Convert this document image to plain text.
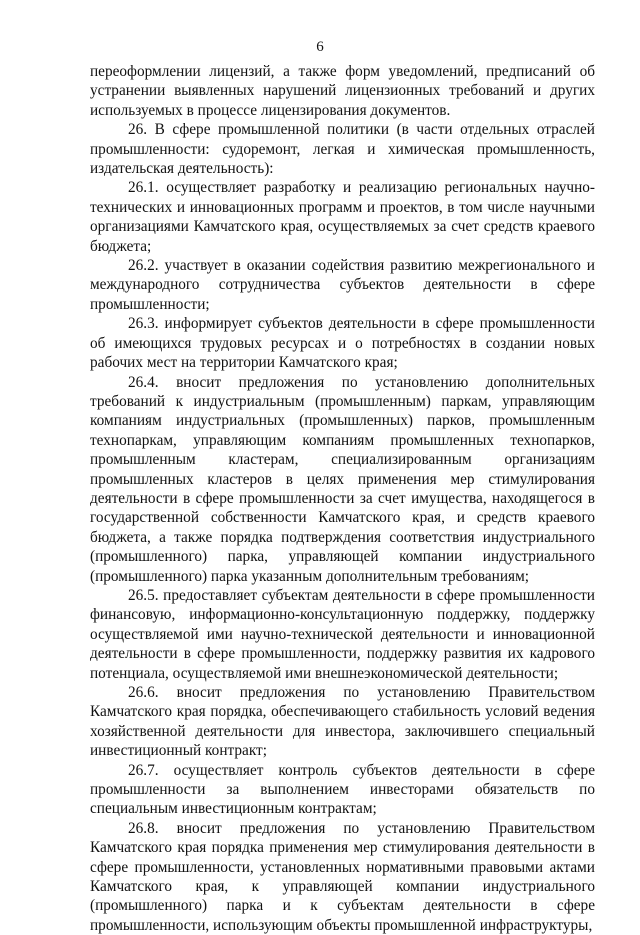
6

переоформлении лицензий, а также форм уведомлений, предписаний об устранении выявленных нарушений лицензионных требований и других используемых в процессе лицензирования документов.

26. В сфере промышленной политики (в части отдельных отраслей промышленности: судоремонт, легкая и химическая промышленность, издательская деятельность):

26.1. осуществляет разработку и реализацию региональных научно-технических и инновационных программ и проектов, в том числе научными организациями Камчатского края, осуществляемых за счет средств краевого бюджета;

26.2. участвует в оказании содействия развитию межрегионального и международного сотрудничества субъектов деятельности в сфере промышленности;

26.3. информирует субъектов деятельности в сфере промышленности об имеющихся трудовых ресурсах и о потребностях в создании новых рабочих мест на территории Камчатского края;

26.4. вносит предложения по установлению дополнительных требований к индустриальным (промышленным) паркам, управляющим компаниям индустриальных (промышленных) парков, промышленным технопаркам, управляющим компаниям промышленных технопарков, промышленным кластерам, специализированным организациям промышленных кластеров в целях применения мер стимулирования деятельности в сфере промышленности за счет имущества, находящегося в государственной собственности Камчатского края, и средств краевого бюджета, а также порядка подтверждения соответствия индустриального (промышленного) парка, управляющей компании индустриального (промышленного) парка указанным дополнительным требованиям;

26.5. предоставляет субъектам деятельности в сфере промышленности финансовую, информационно-консультационную поддержку, поддержку осуществляемой ими научно-технической деятельности и инновационной деятельности в сфере промышленности, поддержку развития их кадрового потенциала, осуществляемой ими внешнеэкономической деятельности;

26.6. вносит предложения по установлению Правительством Камчатского края порядка, обеспечивающего стабильность условий ведения хозяйственной деятельности для инвестора, заключившего специальный инвестиционный контракт;

26.7. осуществляет контроль субъектов деятельности в сфере промышленности за выполнением инвесторами обязательств по специальным инвестиционным контрактам;

26.8. вносит предложения по установлению Правительством Камчатского края порядка применения мер стимулирования деятельности в сфере промышленности, установленных нормативными правовыми актами Камчатского края, к управляющей компании индустриального (промышленного) парка и к субъектам деятельности в сфере промышленности, использующим объекты промышленной инфраструктуры,
